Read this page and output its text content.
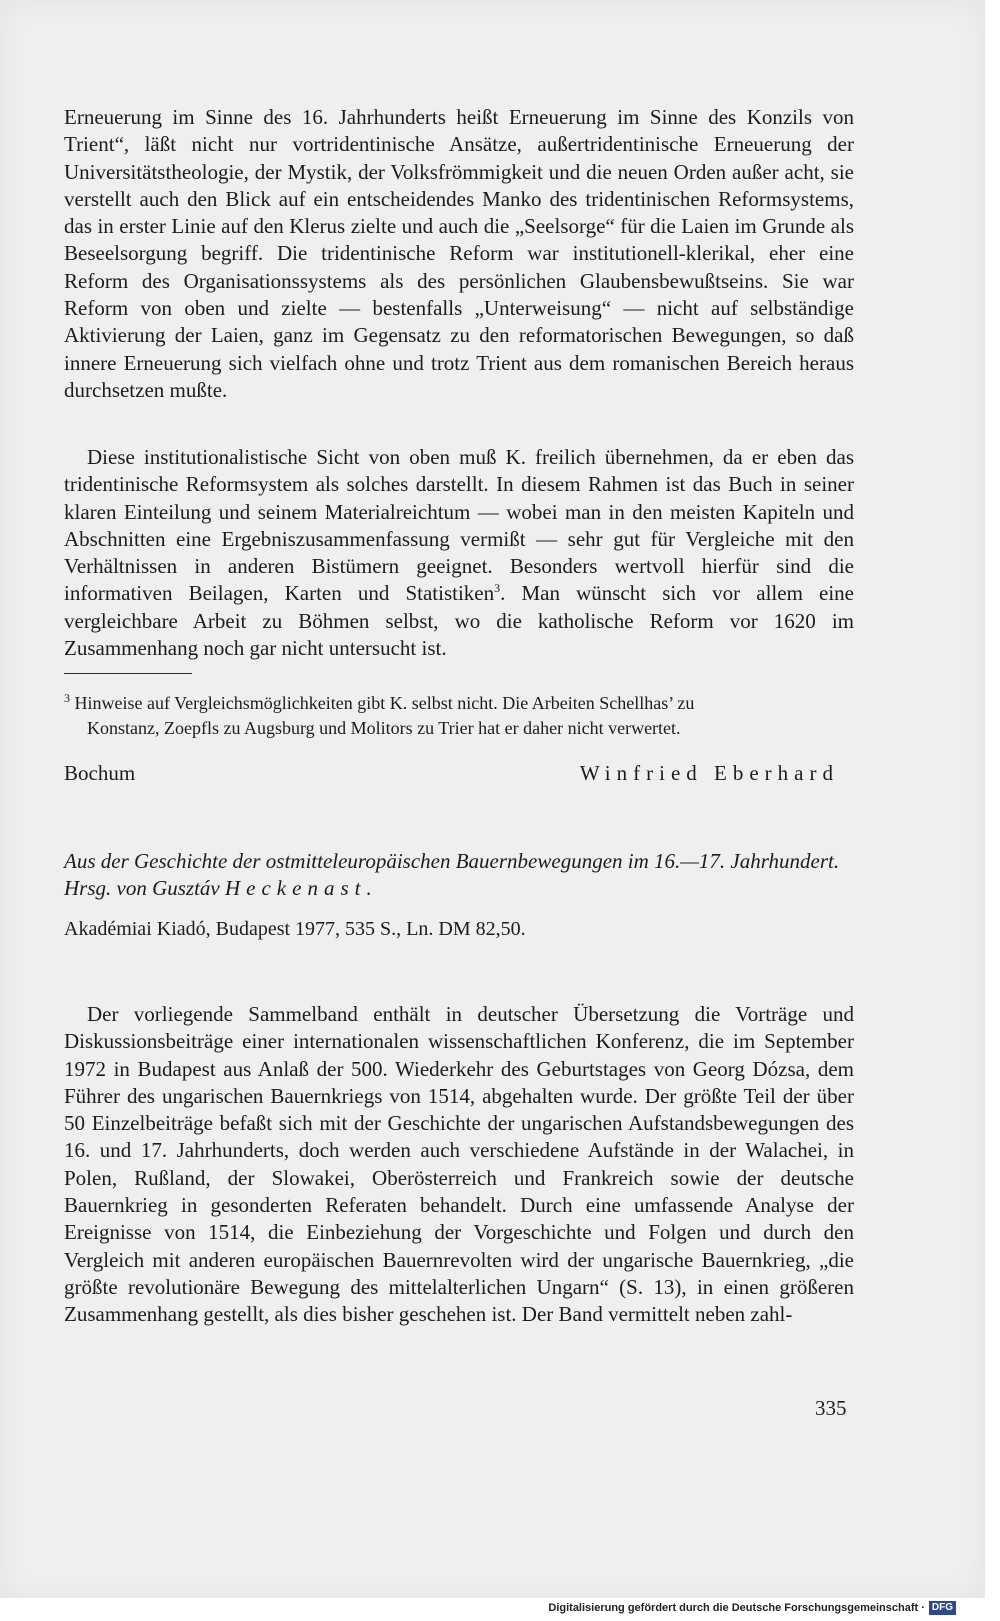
Erneuerung im Sinne des 16. Jahrhunderts heißt Erneuerung im Sinne des Konzils von Trient“, läßt nicht nur vortridentinische Ansätze, außertridentinische Erneuerung der Universitätstheologie, der Mystik, der Volksfrömmigkeit und die neuen Orden außer acht, sie verstellt auch den Blick auf ein entscheidendes Manko des tridentinischen Reformsystems, das in erster Linie auf den Klerus zielte und auch die „Seelsorge“ für die Laien im Grunde als Beseelsorgung begriff. Die tridentinische Reform war institutionell-klerikal, eher eine Reform des Organisationssystems als des persönlichen Glaubensbewußtseins. Sie war Reform von oben und zielte — bestenfalls „Unterweisung“ — nicht auf selbständige Aktivierung der Laien, ganz im Gegensatz zu den reformatorischen Bewegungen, so daß innere Erneuerung sich vielfach ohne und trotz Trient aus dem romanischen Bereich heraus durchsetzen mußte.

Diese institutionalistische Sicht von oben muß K. freilich übernehmen, da er eben das tridentinische Reformsystem als solches darstellt. In diesem Rahmen ist das Buch in seiner klaren Einteilung und seinem Materialreichtum — wobei man in den meisten Kapiteln und Abschnitten eine Ergebniszusammenfassung vermißt — sehr gut für Vergleiche mit den Verhältnissen in anderen Bistümern geeignet. Besonders wertvoll hierfür sind die informativen Beilagen, Karten und Statistiken$^3$. Man wünscht sich vor allem eine vergleichbare Arbeit zu Böhmen selbst, wo die katholische Reform vor 1620 im Zusammenhang noch gar nicht untersucht ist.

$^3$ Hinweise auf Vergleichsmöglichkeiten gibt K. selbst nicht. Die Arbeiten Schellhas’ zu
Konstanz, Zoepfls zu Augsburg und Molitors zu Trier hat er daher nicht verwertet.
Bochum	Winfried Eberhard

Aus der Geschichte der ostmitteleuropäischen Bauernbewegungen im 16.—17. Jahrhundert. Hrsg. von Gusztáv Heckenast.

Akadémiai Kiadó, Budapest 1977, 535 S., Ln. DM 82,50.

Der vorliegende Sammelband enthält in deutscher Übersetzung die Vorträge und Diskussionsbeiträge einer internationalen wissenschaftlichen Konferenz, die im September 1972 in Budapest aus Anlaß der 500. Wiederkehr des Geburtstages von Georg Dózsa, dem Führer des ungarischen Bauernkriegs von 1514, abgehalten wurde. Der größte Teil der über 50 Einzelbeiträge befaßt sich mit der Geschichte der ungarischen Aufstandsbewegungen des 16. und 17. Jahrhunderts, doch werden auch verschiedene Aufstände in der Walachei, in Polen, Rußland, der Slowakei, Oberösterreich und Frankreich sowie der deutsche Bauernkrieg in gesonderten Referaten behandelt. Durch eine umfassende Analyse der Ereignisse von 1514, die Einbeziehung der Vorgeschichte und Folgen und durch den Vergleich mit anderen europäischen Bauernrevolten wird der ungarische Bauernkrieg, „die größte revolutionäre Bewegung des mittelalterlichen Ungarn“ (S. 13), in einen größeren Zusammenhang gestellt, als dies bisher geschehen ist. Der Band vermittelt neben zahl-

335
Digitalisierung gefördert durch die Deutsche Forschungsgemeinschaft · DFG
